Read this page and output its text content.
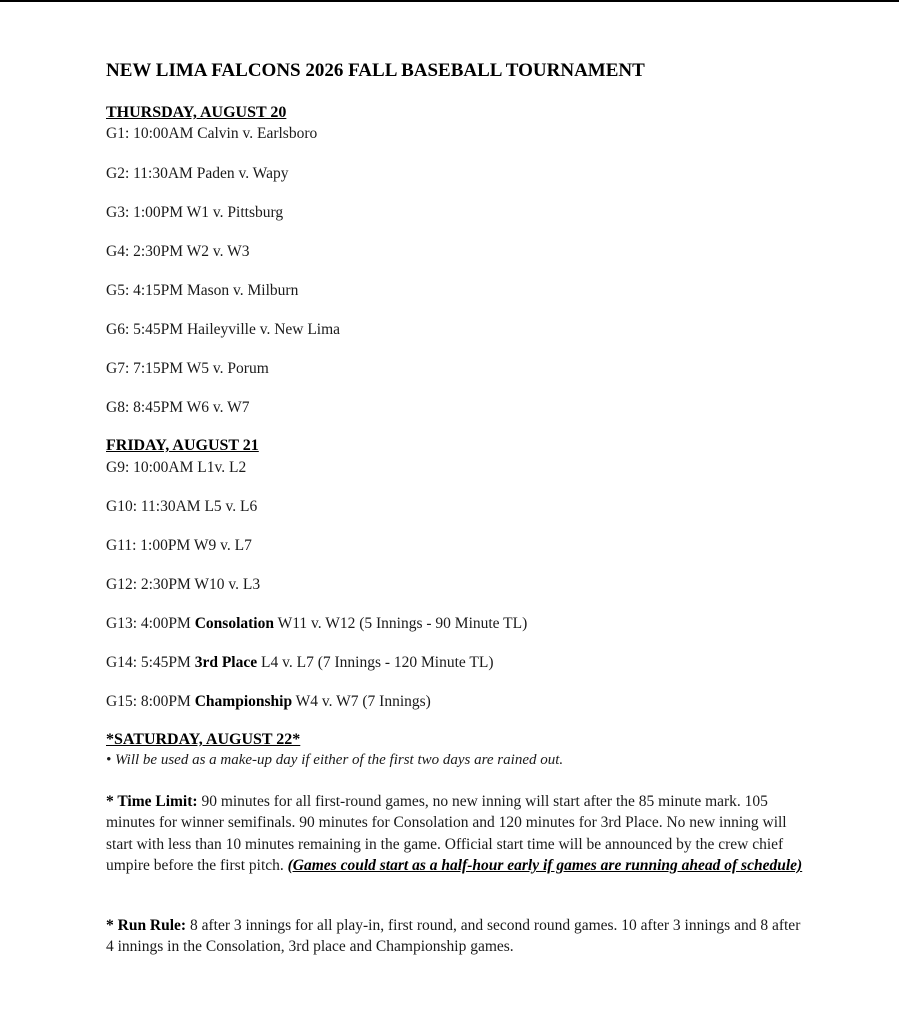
NEW LIMA FALCONS 2026 FALL BASEBALL TOURNAMENT
THURSDAY, AUGUST 20
G1: 10:00AM Calvin v. Earlsboro
G2: 11:30AM Paden v. Wapy
G3: 1:00PM W1 v. Pittsburg
G4: 2:30PM W2 v. W3
G5: 4:15PM Mason v. Milburn
G6: 5:45PM Haileyville v. New Lima
G7: 7:15PM W5 v. Porum
G8: 8:45PM W6 v. W7
FRIDAY, AUGUST 21
G9: 10:00AM L1v. L2
G10: 11:30AM L5 v. L6
G11: 1:00PM W9 v. L7
G12: 2:30PM W10 v. L3
G13: 4:00PM Consolation W11 v. W12 (5 Innings - 90 Minute TL)
G14: 5:45PM 3rd Place L4 v. L7 (7 Innings - 120 Minute TL)
G15: 8:00PM Championship W4 v. W7 (7 Innings)
*SATURDAY, AUGUST 22*
• Will be used as a make-up day if either of the first two days are rained out.
* Time Limit: 90 minutes for all first-round games, no new inning will start after the 85 minute mark. 105 minutes for winner semifinals. 90 minutes for Consolation and 120 minutes for 3rd Place. No new inning will start with less than 10 minutes remaining in the game. Official start time will be announced by the crew chief umpire before the first pitch. (Games could start as a half-hour early if games are running ahead of schedule)
* Run Rule: 8 after 3 innings for all play-in, first round, and second round games. 10 after 3 innings and 8 after 4 innings in the Consolation, 3rd place and Championship games.
